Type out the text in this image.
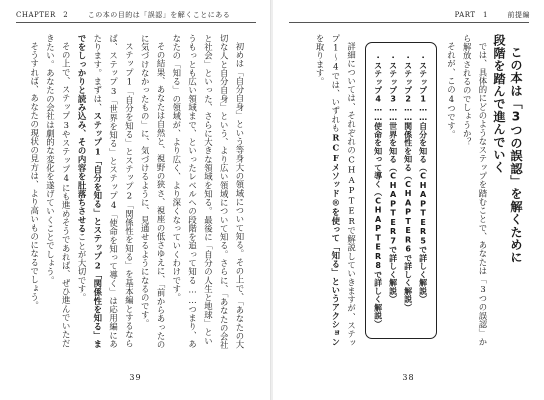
CHAPTER　2　	この本の目的は「誤認」を解くことにある

初めは「自分自身」という等身大の領域について知る。その上で、「あなたの大切な人と自分自身」という、より広い領域について知る。さらに、「あなたの会社と社会」といった、さらに大きな領域を知る。最後に「自分の人生と地球」というもっとも広い領域まで、といったレベルへの段階を追って知る……つまり、あなたの「知る」の領域が、より広く、より深くなっていくわけです。

その結果、あなたは自然と、視野の狭さ、視座の低さゆえに、「前からあったのに気づけなかったもの」に、気づけるように、見通せるようになるのです。

ステップ1「自分を知る」とステップ2「関係性を知る」を基本編とするならば、ステップ3「世界を知る」とステップ4「使命を知って導く」は応用編にあたります。まずは、ステップ1「自分を知る」とステップ2「関係性を知る」までをしっかりと読み込み、その内容を肚落ちさせることが大切です。

その上で、ステップ3やステップ4にも進めそうであれば、ぜひ進んでいただきたい。あなたの会社は劇的な変化を遂げていくことでしょう。

そうすれば、あなたの現状の見方は、より高いものになるでしょう。

39
PART　1　	前提編

この本は「3つの誤認」を解くために
段階を踏んで進んでいく

では、具体的にどのようなステップを踏むことで、あなたは「3つの誤認」から解放されるのでしょうか？

それが、この4つです。

・ステップ1……自分を知る（CHAPTER5で詳しく解説）
・ステップ2……関係性を知る（CHAPTER6で詳しく解説）
・ステップ3……世界を知る（CHAPTER7で詳しく解説）
・ステップ4……使命を知って導く（CHAPTER8で詳しく解説）

詳細については、それぞれのCHAPTERで解説していきますが、ステップ1〜4では、いずれもRCFメソッド®を使って「知る」というアクションを取ります。

38
